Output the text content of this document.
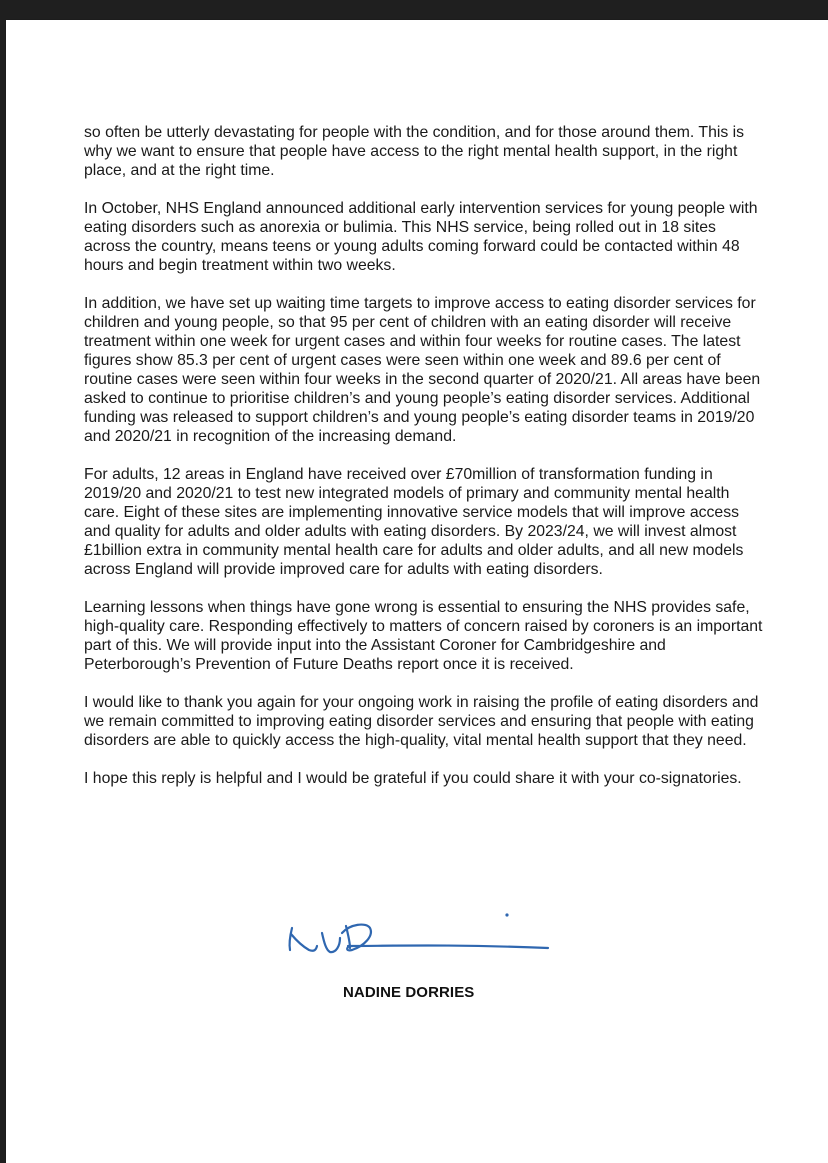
so often be utterly devastating for people with the condition, and for those around them. This is why we want to ensure that people have access to the right mental health support, in the right place, and at the right time.

In October, NHS England announced additional early intervention services for young people with eating disorders such as anorexia or bulimia. This NHS service, being rolled out in 18 sites across the country, means teens or young adults coming forward could be contacted within 48 hours and begin treatment within two weeks.

In addition, we have set up waiting time targets to improve access to eating disorder services for children and young people, so that 95 per cent of children with an eating disorder will receive treatment within one week for urgent cases and within four weeks for routine cases. The latest figures show 85.3 per cent of urgent cases were seen within one week and 89.6 per cent of routine cases were seen within four weeks in the second quarter of 2020/21. All areas have been asked to continue to prioritise children’s and young people’s eating disorder services. Additional funding was released to support children’s and young people’s eating disorder teams in 2019/20 and 2020/21 in recognition of the increasing demand.

For adults, 12 areas in England have received over £70million of transformation funding in 2019/20 and 2020/21 to test new integrated models of primary and community mental health care. Eight of these sites are implementing innovative service models that will improve access and quality for adults and older adults with eating disorders. By 2023/24, we will invest almost £1billion extra in community mental health care for adults and older adults, and all new models across England will provide improved care for adults with eating disorders.

Learning lessons when things have gone wrong is essential to ensuring the NHS provides safe, high-quality care. Responding effectively to matters of concern raised by coroners is an important part of this. We will provide input into the Assistant Coroner for Cambridgeshire and Peterborough’s Prevention of Future Deaths report once it is received.

I would like to thank you again for your ongoing work in raising the profile of eating disorders and we remain committed to improving eating disorder services and ensuring that people with eating disorders are able to quickly access the high-quality, vital mental health support that they need.

I hope this reply is helpful and I would be grateful if you could share it with your co-signatories.

NADINE DORRIES
